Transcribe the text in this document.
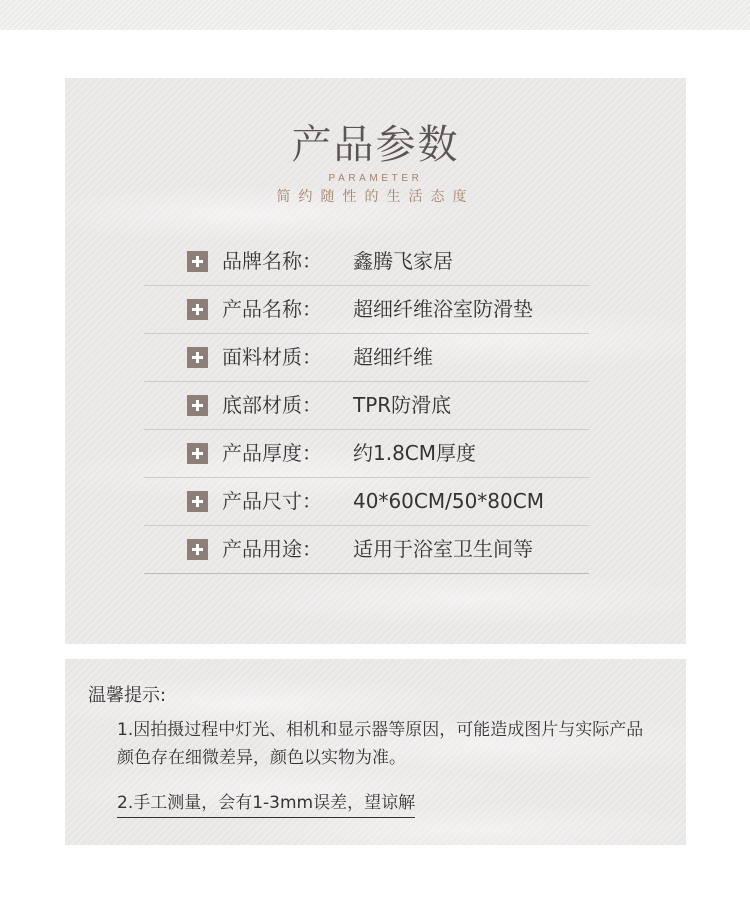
产品参数
PARAMETER
简约随性的生活态度
品牌名称： 鑫腾飞家居
产品名称： 超细纤维浴室防滑垫
面料材质： 超细纤维
底部材质： TPR防滑底
产品厚度： 约1.8CM厚度
产品尺寸： 40*60CM/50*80CM
产品用途： 适用于浴室卫生间等
温馨提示:
1.因拍摄过程中灯光、相机和显示器等原因，可能造成图片与实际产品颜色存在细微差异，颜色以实物为准。
2.手工测量，会有1-3mm误差，望谅解
